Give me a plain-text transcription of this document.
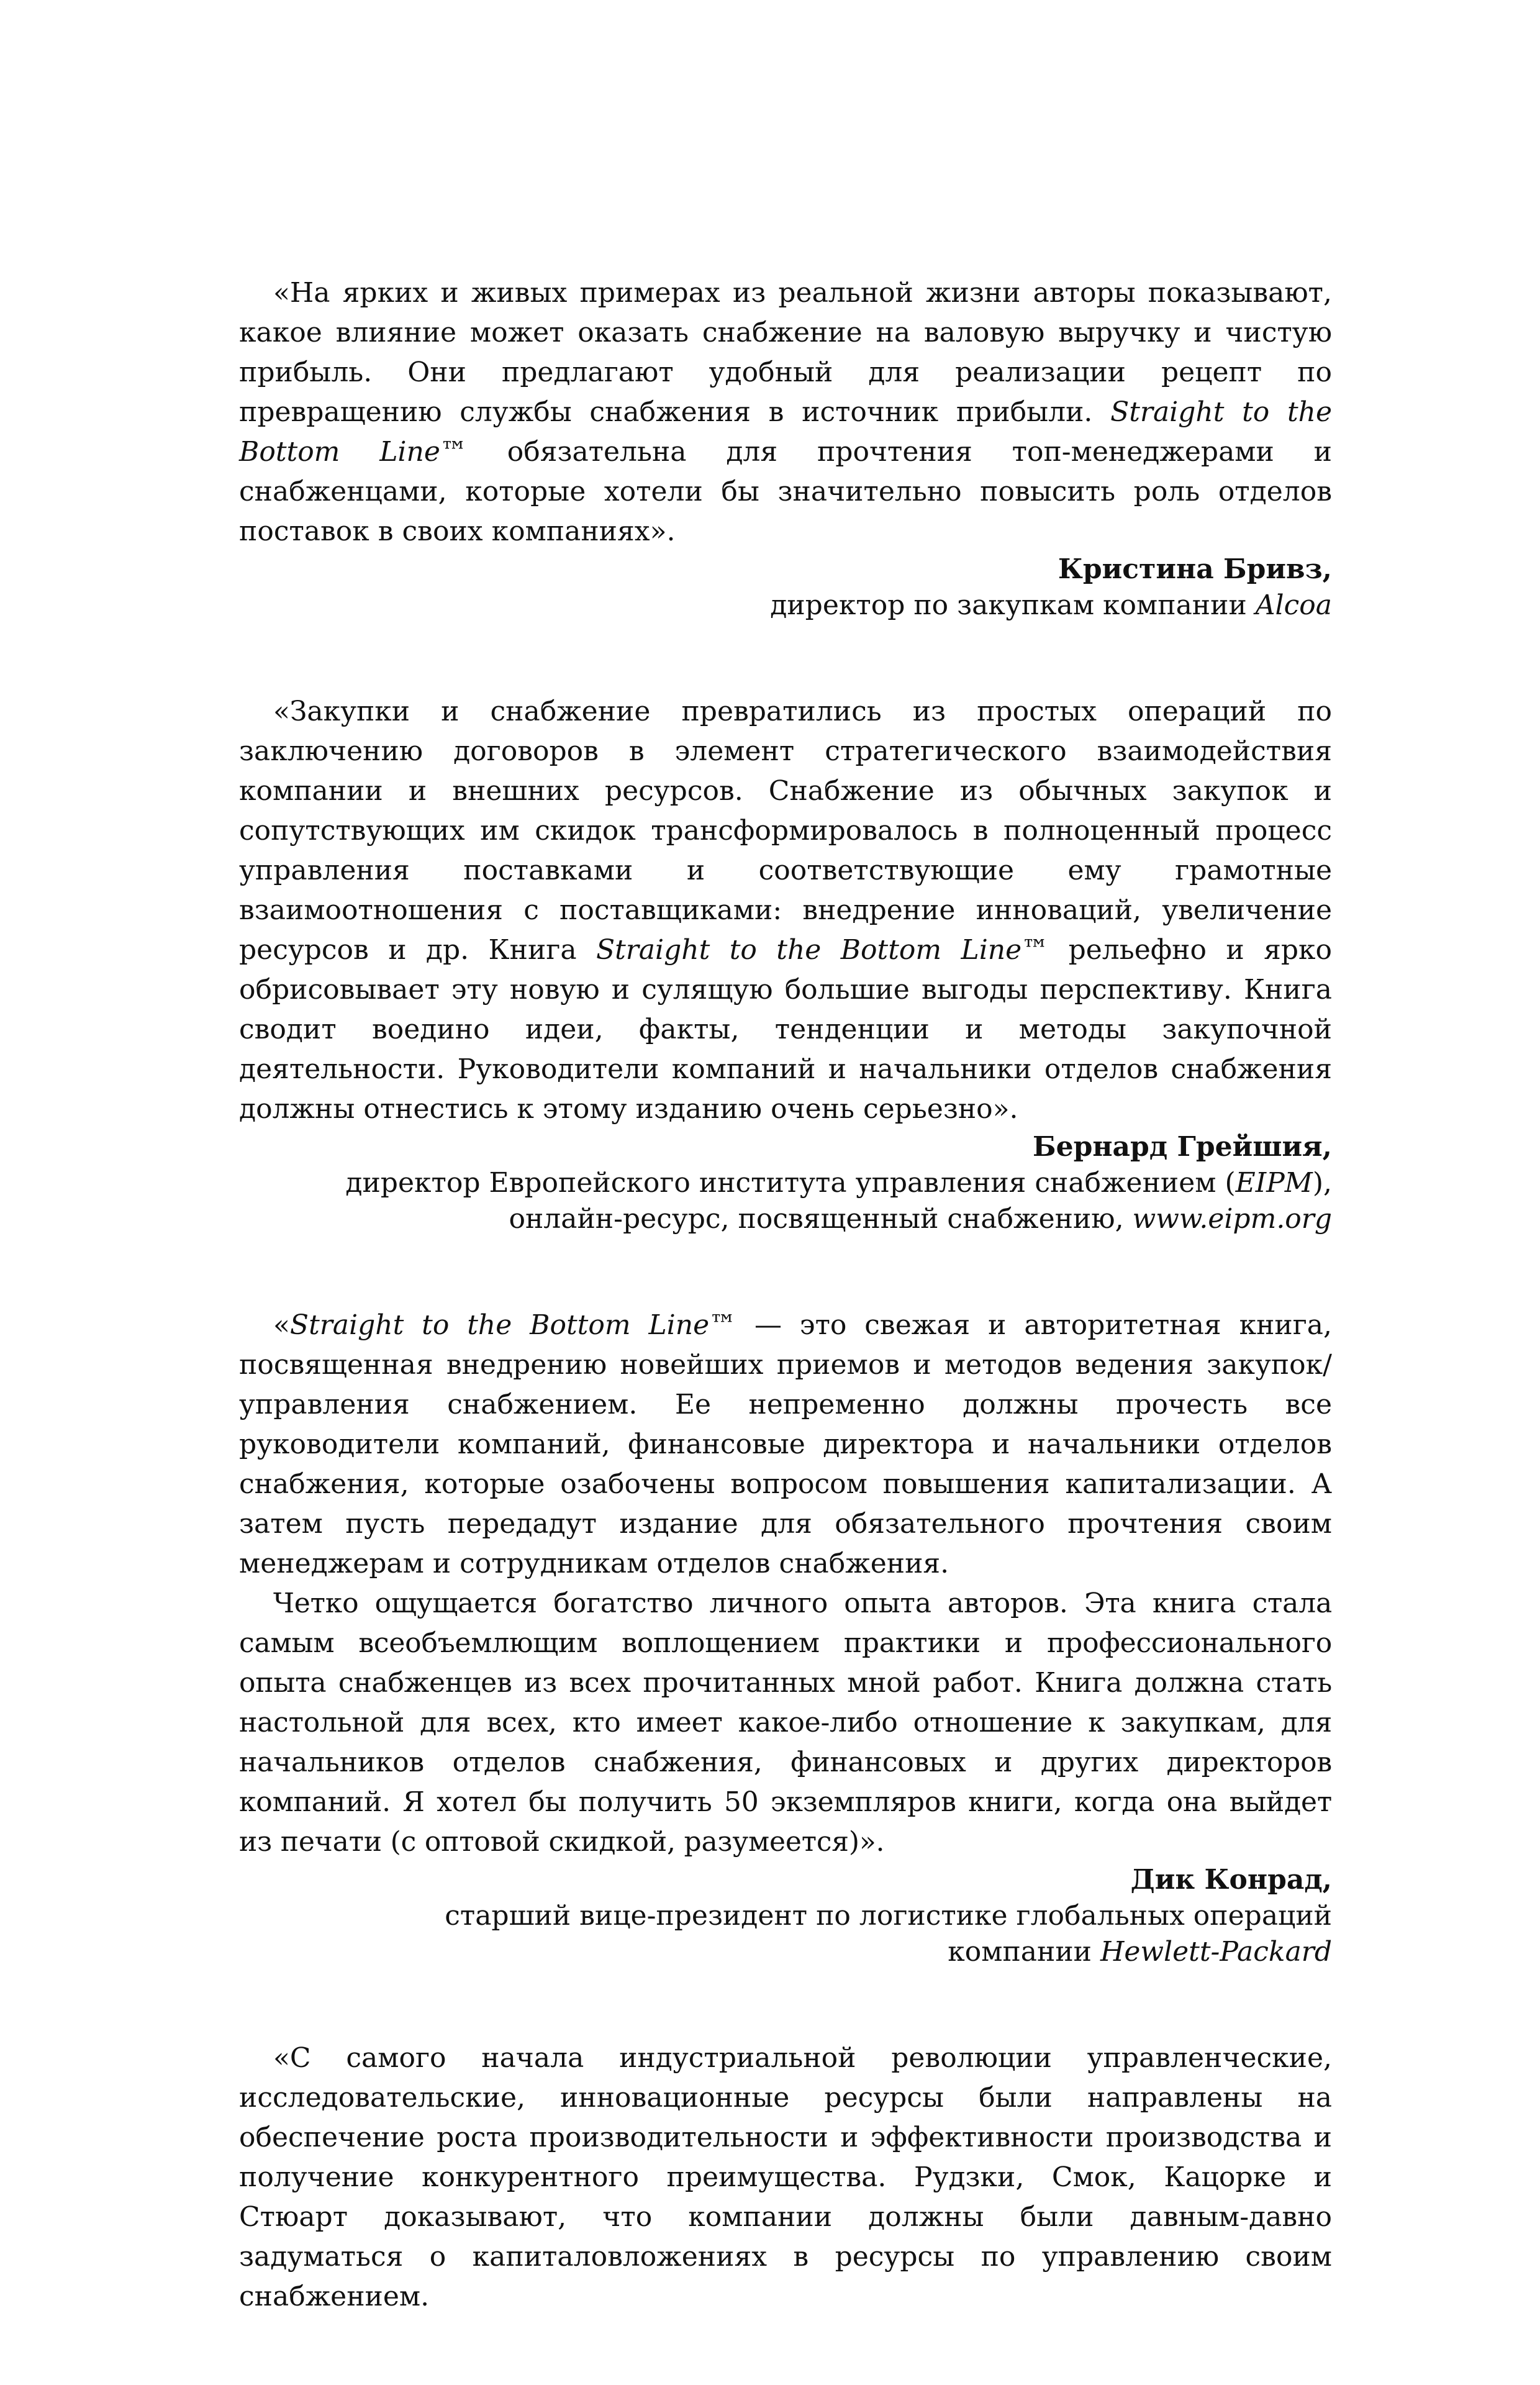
«На ярких и живых примерах из реальной жизни авторы показывают, какое влияние может оказать снабжение на валовую выручку и чистую прибыль. Они предлагают удобный для реализации рецепт по превращению службы снабжения в источник прибыли. Straight to the Bottom Line™ обязательна для прочтения топ-менеджерами и снабженцами, которые хотели бы значительно повысить роль отделов поставок в своих компаниях».

Кристина Бривз,
директор по закупкам компании Alcoa

«Закупки и снабжение превратились из простых операций по заключению договоров в элемент стратегического взаимодействия компании и внешних ресурсов. Снабжение из обычных закупок и сопутствующих им скидок трансформировалось в полноценный процесс управления поставками и соответствующие ему грамотные взаимоотношения с поставщиками: внедрение инноваций, увеличение ресурсов и др. Книга Straight to the Bottom Line™ рельефно и ярко обрисовывает эту новую и сулящую большие выгоды перспективу. Книга сводит воедино идеи, факты, тенденции и методы закупочной деятельности. Руководители компаний и начальники отделов снабжения должны отнестись к этому изданию очень серьезно».

Бернард Грейшия,
директор Европейского института управления снабжением (EIPM),
онлайн-ресурс, посвященный снабжению, www.eipm.org

«Straight to the Bottom Line™ — это свежая и авторитетная книга, посвященная внедрению новейших приемов и методов ведения закупок/управления снабжением. Ее непременно должны прочесть все руководители компаний, финансовые директора и начальники отделов снабжения, которые озабочены вопросом повышения капитализации. А затем пусть передадут издание для обязательного прочтения своим менеджерам и сотрудникам отделов снабжения.

Четко ощущается богатство личного опыта авторов. Эта книга стала самым всеобъемлющим воплощением практики и профессионального опыта снабженцев из всех прочитанных мной работ. Книга должна стать настольной для всех, кто имеет какое-либо отношение к закупкам, для начальников отделов снабжения, финансовых и других директоров компаний. Я хотел бы получить 50 экземпляров книги, когда она выйдет из печати (с оптовой скидкой, разумеется)».

Дик Конрад,
старший вице-президент по логистике глобальных операций
компании Hewlett-Packard

«С самого начала индустриальной революции управленческие, исследовательские, инновационные ресурсы были направлены на обеспечение роста производительности и эффективности производства и получение конкурентного преимущества. Рудзки, Смок, Кацорке и Стюарт доказывают, что компании должны были давным-давно задуматься о капиталовложениях в ресурсы по управлению своим снабжением.
